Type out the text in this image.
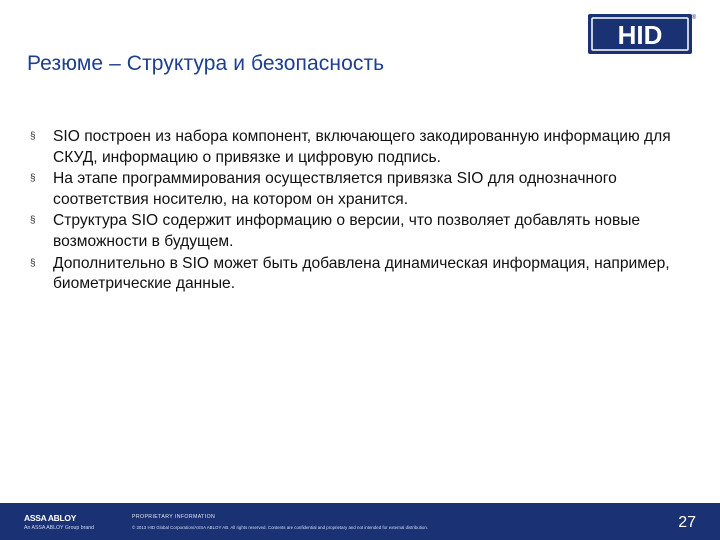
Резюме – Структура и безопасность
HID
®
§ SIO построен из набора компонент, включающего закодированную информацию для СКУД, информацию о привязке и цифровую подпись.
§ На этапе программирования осуществляется привязка SIO для однозначного соответствия носителю, на котором он хранится.
§ Структура SIO содержит информацию о версии, что позволяет добавлять новые возможности в будущем.
§ Дополнительно в SIO может быть добавлена динамическая информация, например, биометрические данные.
ASSA ABLOY
An ASSA ABLOY Group brand
PROPRIETARY INFORMATION
© 2013 HID Global Corporation/ASSA ABLOY AB. All rights reserved. Contents are confidential and proprietary and not intended for external distribution.	27
